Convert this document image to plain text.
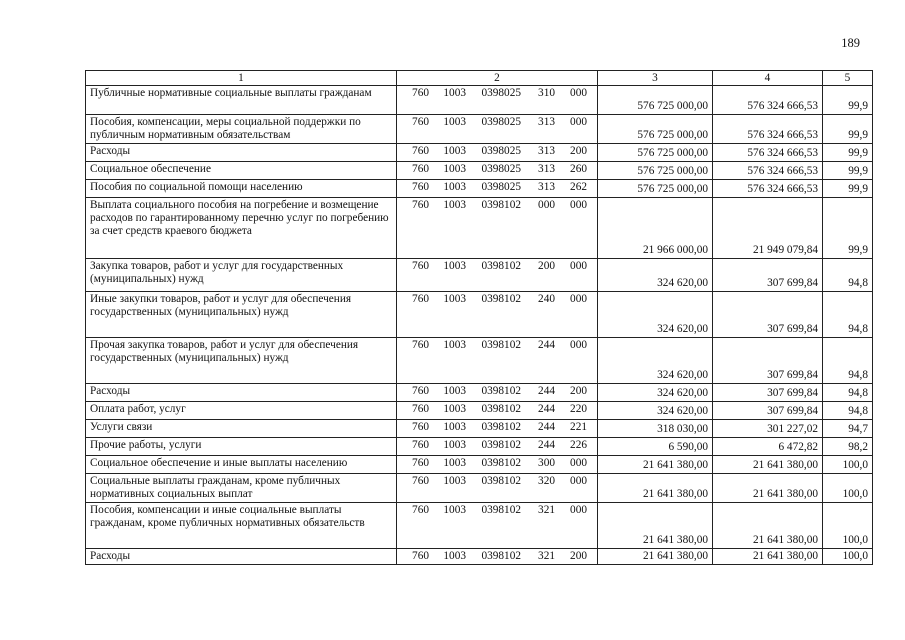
189
1	2	3	4	5
Публичные нормативные социальные выплаты гражданам	760 1003 0398025 310 000	576 725 000,00	576 324 666,53	99,9
Пособия, компенсации, меры социальной поддержки по публичным нормативным обязательствам	760 1003 0398025 313 000	576 725 000,00	576 324 666,53	99,9
Расходы	760 1003 0398025 313 200	576 725 000,00	576 324 666,53	99,9
Социальное обеспечение	760 1003 0398025 313 260	576 725 000,00	576 324 666,53	99,9
Пособия по социальной помощи населению	760 1003 0398025 313 262	576 725 000,00	576 324 666,53	99,9
Выплата социального пособия на погребение и возмещение расходов по гарантированному перечню услуг по погребению за счет средств краевого бюджета	760 1003 0398102 000 000	21 966 000,00	21 949 079,84	99,9
Закупка товаров, работ и услуг для государственных (муниципальных) нужд	760 1003 0398102 200 000	324 620,00	307 699,84	94,8
Иные закупки товаров, работ и услуг для обеспечения государственных (муниципальных) нужд	760 1003 0398102 240 000	324 620,00	307 699,84	94,8
Прочая закупка товаров, работ и услуг для обеспечения государственных (муниципальных) нужд	760 1003 0398102 244 000	324 620,00	307 699,84	94,8
Расходы	760 1003 0398102 244 200	324 620,00	307 699,84	94,8
Оплата работ, услуг	760 1003 0398102 244 220	324 620,00	307 699,84	94,8
Услуги связи	760 1003 0398102 244 221	318 030,00	301 227,02	94,7
Прочие работы, услуги	760 1003 0398102 244 226	6 590,00	6 472,82	98,2
Социальное обеспечение и иные выплаты населению	760 1003 0398102 300 000	21 641 380,00	21 641 380,00	100,0
Социальные выплаты гражданам, кроме публичных нормативных социальных выплат	760 1003 0398102 320 000	21 641 380,00	21 641 380,00	100,0
Пособия, компенсации и иные социальные выплаты гражданам, кроме публичных нормативных обязательств	760 1003 0398102 321 000	21 641 380,00	21 641 380,00	100,0
Расходы	760 1003 0398102 321 200	21 641 380,00	21 641 380,00	100,0
